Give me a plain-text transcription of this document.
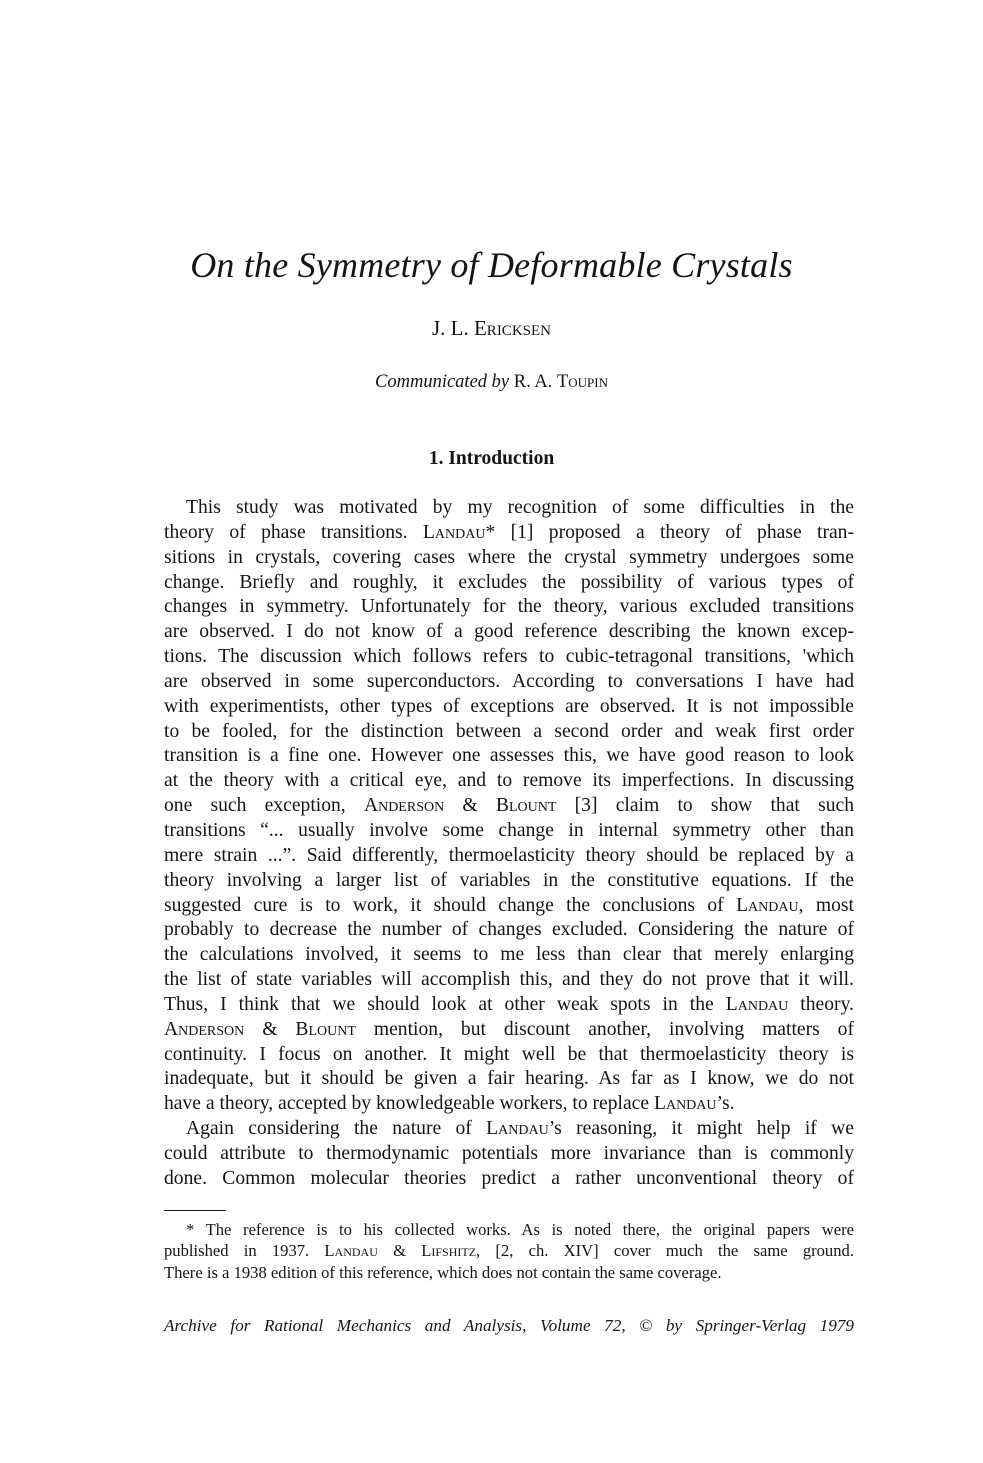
On the Symmetry of Deformable Crystals
J. L. Ericksen
Communicated by R. A. Toupin
1. Introduction
This study was motivated by my recognition of some difficulties in the
theory of phase transitions. Landau* [1] proposed a theory of phase tran-
sitions in crystals, covering cases where the crystal symmetry undergoes some
change. Briefly and roughly, it excludes the possibility of various types of
changes in symmetry. Unfortunately for the theory, various excluded transitions
are observed. I do not know of a good reference describing the known excep-
tions. The discussion which follows refers to cubic-tetragonal transitions, 'which
are observed in some superconductors. According to conversations I have had
with experimentists, other types of exceptions are observed. It is not impossible
to be fooled, for the distinction between a second order and weak first order
transition is a fine one. However one assesses this, we have good reason to look
at the theory with a critical eye, and to remove its imperfections. In discussing
one such exception, Anderson & Blount [3] claim to show that such
transitions “... usually involve some change in internal symmetry other than
mere strain ...”. Said differently, thermoelasticity theory should be replaced by a
theory involving a larger list of variables in the constitutive equations. If the
suggested cure is to work, it should change the conclusions of Landau, most
probably to decrease the number of changes excluded. Considering the nature of
the calculations involved, it seems to me less than clear that merely enlarging
the list of state variables will accomplish this, and they do not prove that it will.
Thus, I think that we should look at other weak spots in the Landau theory.
Anderson & Blount mention, but discount another, involving matters of
continuity. I focus on another. It might well be that thermoelasticity theory is
inadequate, but it should be given a fair hearing. As far as I know, we do not
have a theory, accepted by knowledgeable workers, to replace Landau’s.
Again considering the nature of Landau’s reasoning, it might help if we
could attribute to thermodynamic potentials more invariance than is commonly
done. Common molecular theories predict a rather unconventional theory of
* The reference is to his collected works. As is noted there, the original papers were
published in 1937. Landau & Lifshitz, [2, ch. XIV] cover much the same ground.
There is a 1938 edition of this reference, which does not contain the same coverage.
Archive for Rational Mechanics and Analysis, Volume 72, © by Springer-Verlag 1979
